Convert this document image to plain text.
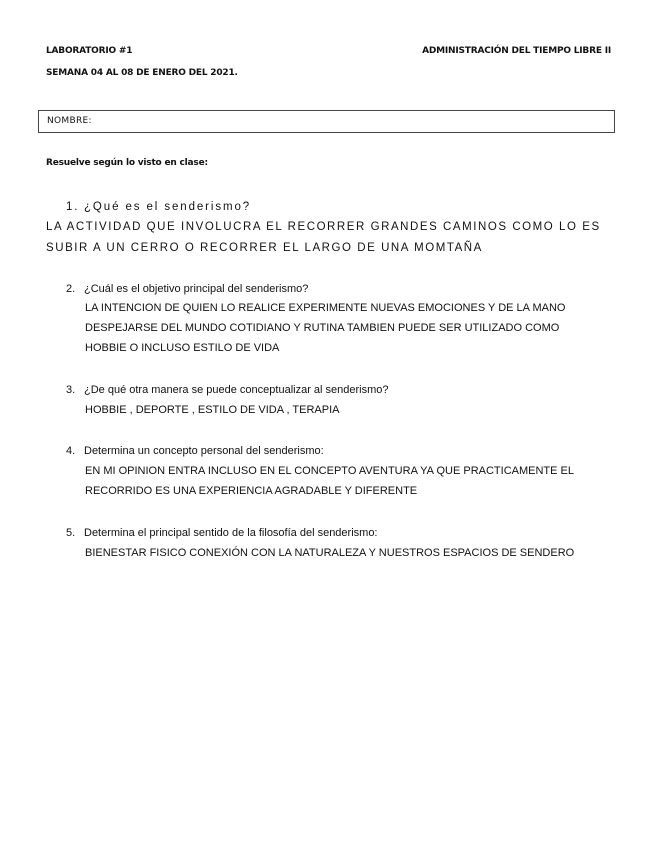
LABORATORIO #1	ADMINISTRACIÓN DEL TIEMPO LIBRE II
SEMANA 04 AL 08 DE ENERO DEL 2021.
NOMBRE:
Resuelve según lo visto en clase:
1. ¿Qué es el senderismo?
LA ACTIVIDAD QUE INVOLUCRA EL RECORRER GRANDES CAMINOS COMO LO ES
SUBIR A UN CERRO O RECORRER EL LARGO DE UNA MOMTAÑA
2. ¿Cuál es el objetivo principal del senderismo?
LA INTENCION DE QUIEN LO REALICE EXPERIMENTE NUEVAS EMOCIONES Y DE LA MANO
DESPEJARSE DEL MUNDO COTIDIANO Y RUTINA TAMBIEN PUEDE SER UTILIZADO COMO
HOBBIE O INCLUSO ESTILO DE VIDA
3. ¿De qué otra manera se puede conceptualizar al senderismo?
HOBBIE , DEPORTE , ESTILO DE VIDA , TERAPIA
4. Determina un concepto personal del senderismo:
EN MI OPINION ENTRA INCLUSO EN EL CONCEPTO AVENTURA YA QUE PRACTICAMENTE EL
RECORRIDO ES UNA EXPERIENCIA AGRADABLE Y DIFERENTE
5. Determina el principal sentido de la filosofía del senderismo:
BIENESTAR FISICO CONEXIÓN CON LA NATURALEZA Y NUESTROS ESPACIOS DE SENDERO
